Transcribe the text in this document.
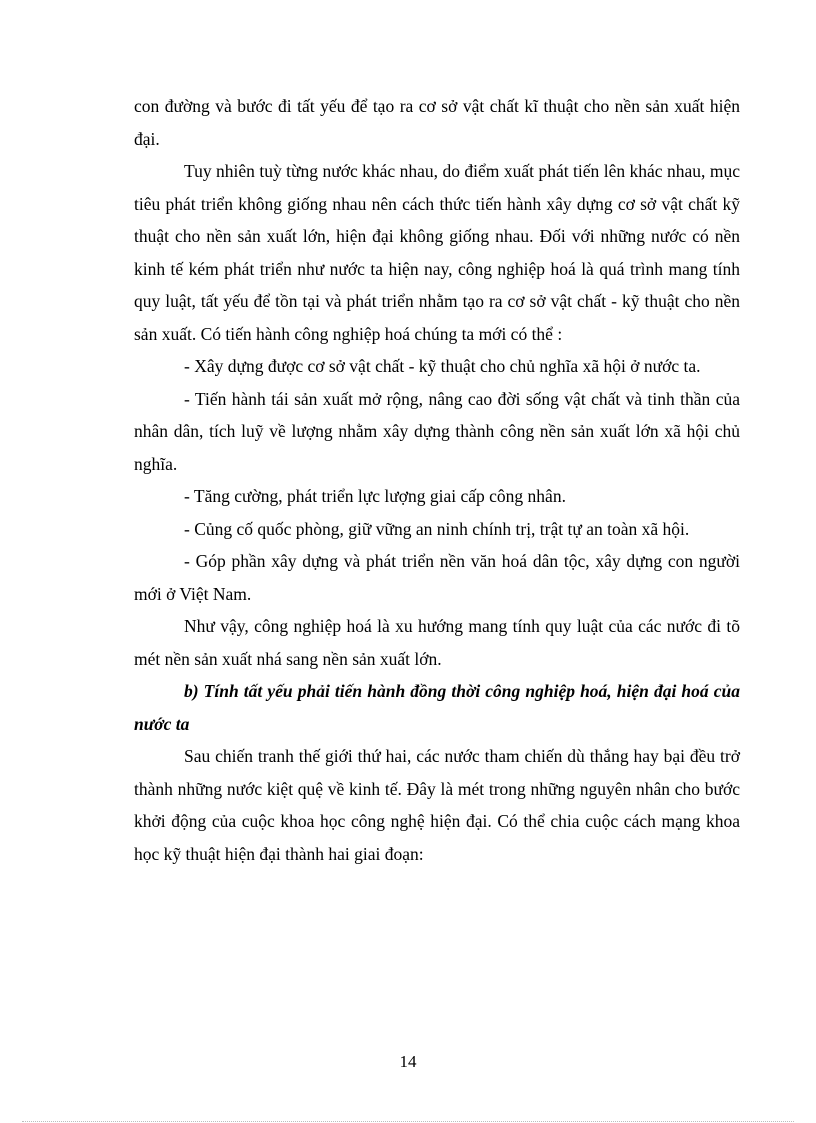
con đường và bước đi tất yếu để tạo ra cơ sở vật chất kĩ thuật cho nền sản xuất hiện đại.

Tuy nhiên tuỳ từng nước khác nhau, do điểm xuất phát tiến lên khác nhau, mục tiêu phát triển không giống nhau nên cách thức tiến hành xây dựng cơ sở vật chất kỹ thuật cho nền sản xuất lớn, hiện đại không giống nhau. Đối với những nước có nền kinh tế kém phát triển như nước ta hiện nay, công nghiệp hoá là quá trình mang tính quy luật, tất yếu để tồn tại và phát triển nhằm tạo ra cơ sở vật chất - kỹ thuật cho nền sản xuất. Có tiến hành công nghiệp hoá chúng ta mới có thể :

- Xây dựng được cơ sở vật chất - kỹ thuật cho chủ nghĩa xã hội ở nước ta.

- Tiến hành tái sản xuất mở rộng, nâng cao đời sống vật chất và tinh thần của nhân dân, tích luỹ về lượng nhằm xây dựng thành công nền sản xuất lớn xã hội chủ nghĩa.

- Tăng cường, phát triển lực lượng giai cấp công nhân.

- Củng cố quốc phòng, giữ vững an ninh chính trị, trật tự an toàn xã hội.

- Góp phần xây dựng và phát triển nền văn hoá dân tộc, xây dựng con người mới ở Việt Nam.

Như vậy, công nghiệp hoá là xu hướng mang tính quy luật của các nước đi tõ mét nền sản xuất nhá sang nền sản xuất lớn.

b) Tính tất yếu phải tiến hành đồng thời công nghiệp hoá, hiện đại hoá của nước ta

Sau chiến tranh thế giới thứ hai, các nước tham chiến dù thắng hay bại đều trở thành những nước kiệt quệ về kinh tế. Đây là mét trong những nguyên nhân cho bước khởi động của cuộc khoa học công nghệ hiện đại. Có thể chia cuộc cách mạng khoa học kỹ thuật hiện đại thành hai giai đoạn:

14
